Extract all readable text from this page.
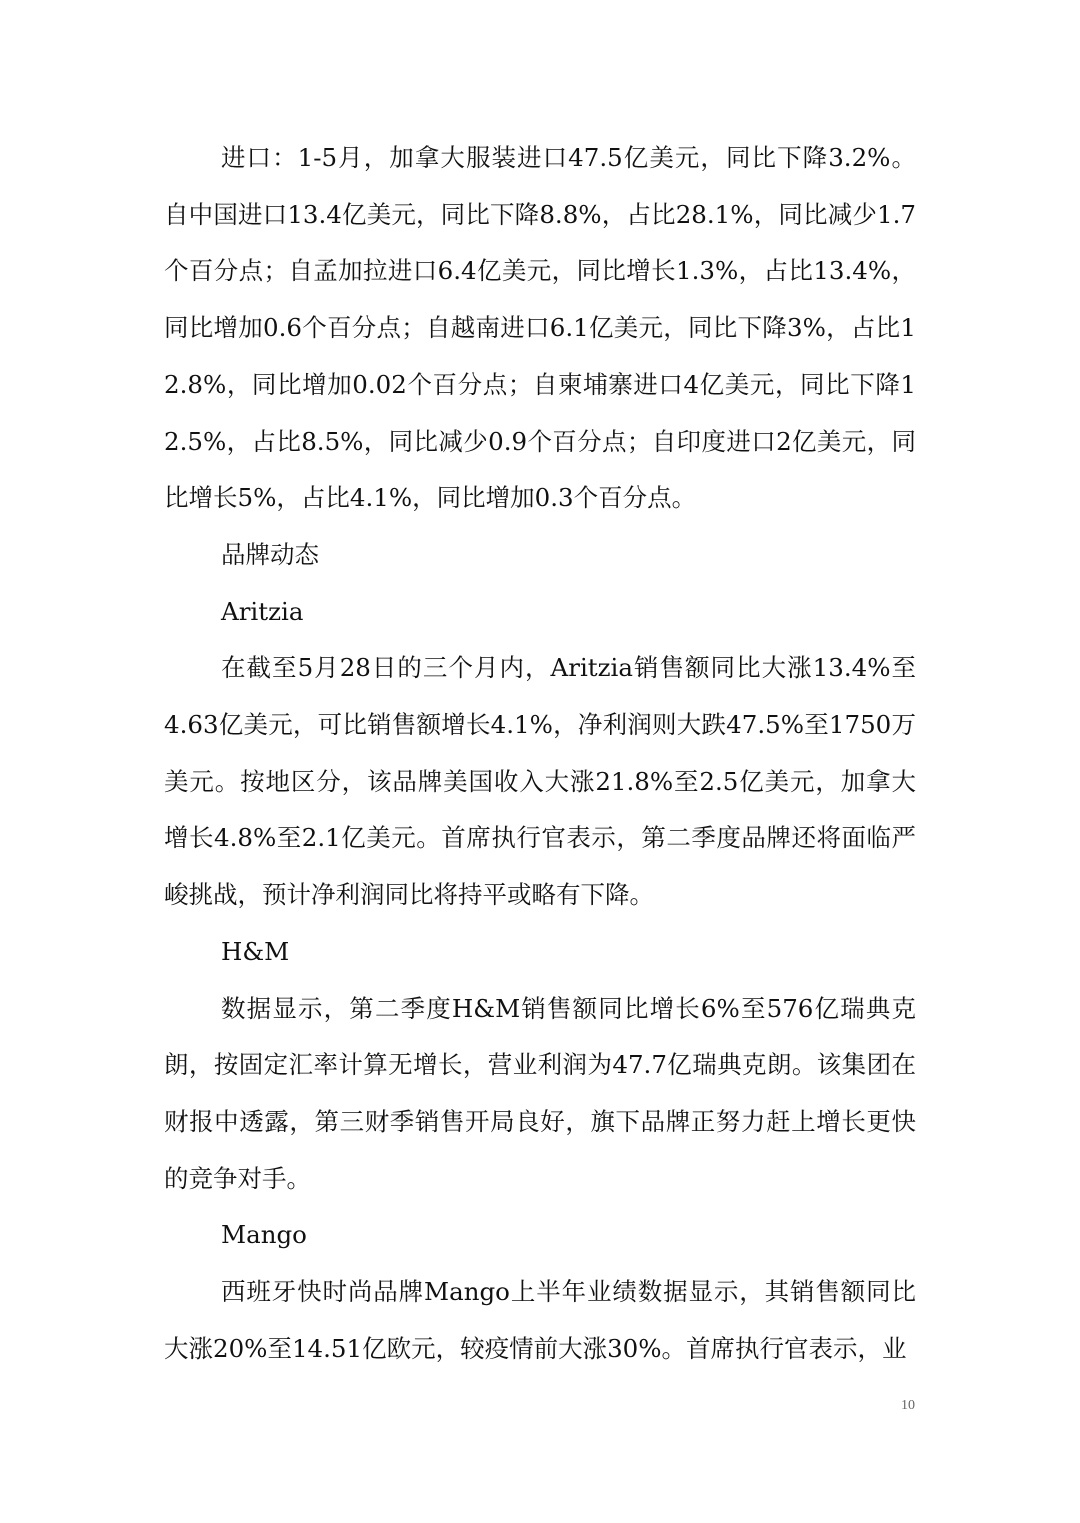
进口：1-5月，加拿大服装进口47.5亿美元，同比下降3.2%。自中国进口13.4亿美元，同比下降8.8%，占比28.1%，同比减少1.7个百分点；自孟加拉进口6.4亿美元，同比增长1.3%，占比13.4%，同比增加0.6个百分点；自越南进口6.1亿美元，同比下降3%，占比12.8%，同比增加0.02个百分点；自柬埔寨进口4亿美元，同比下降12.5%，占比8.5%，同比减少0.9个百分点；自印度进口2亿美元，同比增长5%，占比4.1%，同比增加0.3个百分点。

品牌动态

Aritzia

在截至5月28日的三个月内，Aritzia销售额同比大涨13.4%至4.63亿美元，可比销售额增长4.1%，净利润则大跌47.5%至1750万美元。按地区分，该品牌美国收入大涨21.8%至2.5亿美元，加拿大增长4.8%至2.1亿美元。首席执行官表示，第二季度品牌还将面临严峻挑战，预计净利润同比将持平或略有下降。

H&M

数据显示，第二季度H&M销售额同比增长6%至576亿瑞典克朗，按固定汇率计算无增长，营业利润为47.7亿瑞典克朗。该集团在财报中透露，第三财季销售开局良好，旗下品牌正努力赶上增长更快的竞争对手。

Mango

西班牙快时尚品牌Mango上半年业绩数据显示，其销售额同比大涨20%至14.51亿欧元，较疫情前大涨30%。首席执行官表示，业

10
